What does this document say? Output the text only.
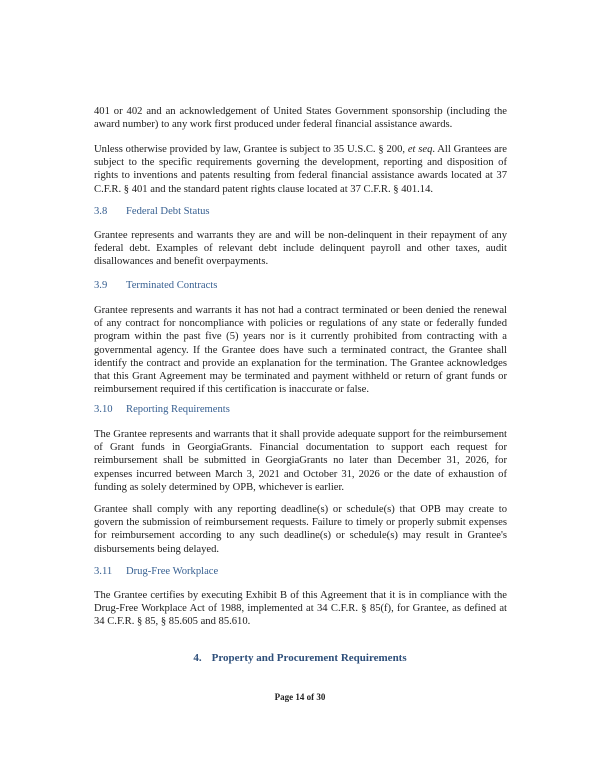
401 or 402 and an acknowledgement of United States Government sponsorship (including the award number) to any work first produced under federal financial assistance awards.

Unless otherwise provided by law, Grantee is subject to 35 U.S.C. § 200, et seq. All Grantees are subject to the specific requirements governing the development, reporting and disposition of rights to inventions and patents resulting from federal financial assistance awards located at 37 C.F.R. § 401 and the standard patent rights clause located at 37 C.F.R. § 401.14.

3.8 Federal Debt Status

Grantee represents and warrants they are and will be non-delinquent in their repayment of any federal debt. Examples of relevant debt include delinquent payroll and other taxes, audit disallowances and benefit overpayments.

3.9 Terminated Contracts

Grantee represents and warrants it has not had a contract terminated or been denied the renewal of any contract for noncompliance with policies or regulations of any state or federally funded program within the past five (5) years nor is it currently prohibited from contracting with a governmental agency. If the Grantee does have such a terminated contract, the Grantee shall identify the contract and provide an explanation for the termination. The Grantee acknowledges that this Grant Agreement may be terminated and payment withheld or return of grant funds or reimbursement required if this certification is inaccurate or false.

3.10 Reporting Requirements

The Grantee represents and warrants that it shall provide adequate support for the reimbursement of Grant funds in GeorgiaGrants. Financial documentation to support each request for reimbursement shall be submitted in GeorgiaGrants no later than December 31, 2026, for expenses incurred between March 3, 2021 and October 31, 2026 or the date of exhaustion of funding as solely determined by OPB, whichever is earlier.

Grantee shall comply with any reporting deadline(s) or schedule(s) that OPB may create to govern the submission of reimbursement requests. Failure to timely or properly submit expenses for reimbursement according to any such deadline(s) or schedule(s) may result in Grantee's disbursements being delayed.

3.11 Drug-Free Workplace

The Grantee certifies by executing Exhibit B of this Agreement that it is in compliance with the Drug-Free Workplace Act of 1988, implemented at 34 C.F.R. § 85(f), for Grantee, as defined at 34 C.F.R. § 85, § 85.605 and 85.610.

4. Property and Procurement Requirements
Page 14 of 30
